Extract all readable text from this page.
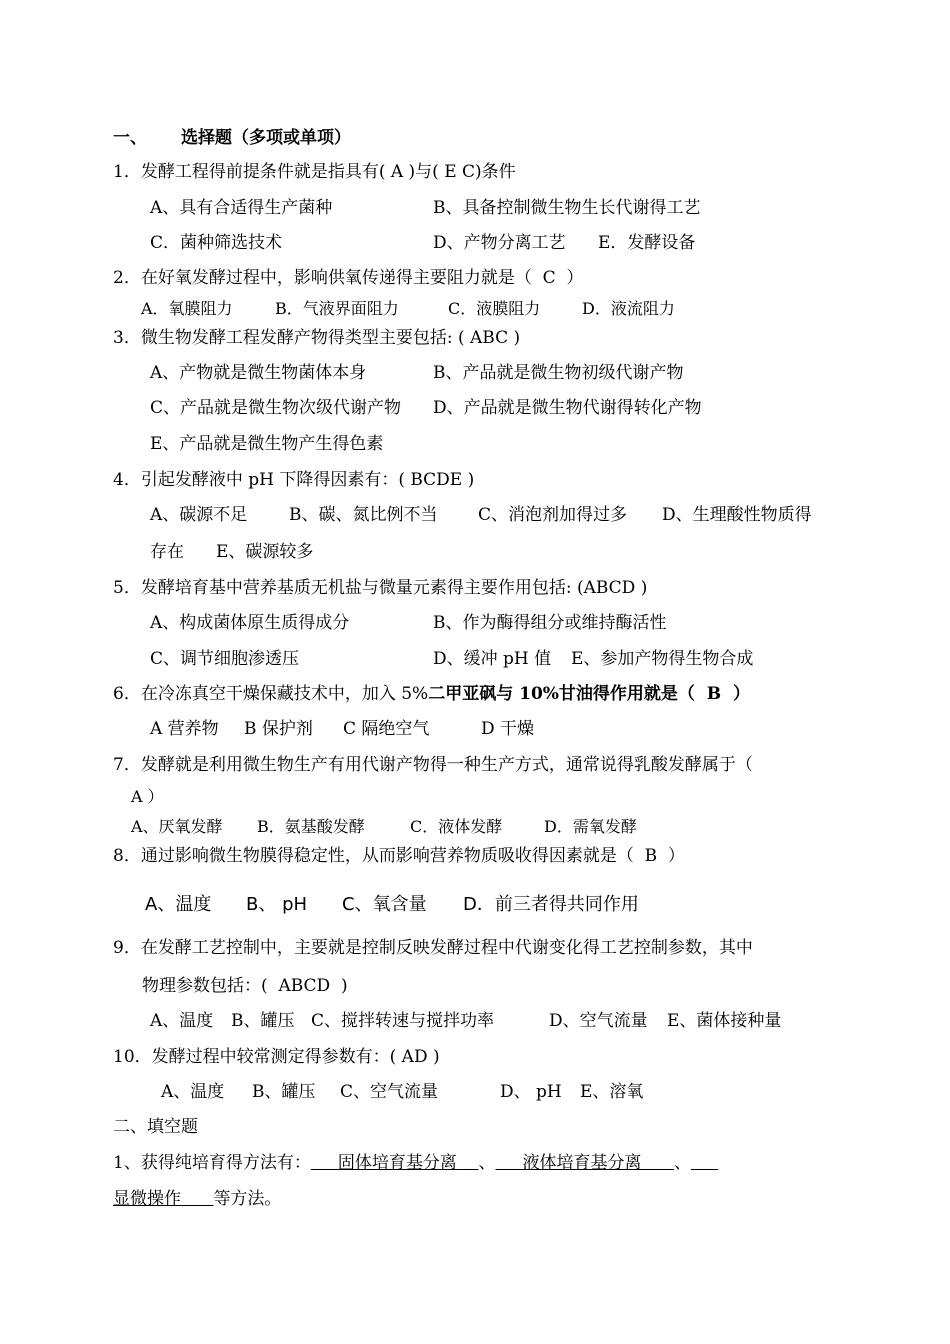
一、 选择题（多项或单项）
1．发酵工程得前提条件就是指具有( A )与( E C)条件
A、具有合适得生产菌种	B、具备控制微生物生长代谢得工艺
C．菌种筛选技术	D、产物分离工艺 E．发酵设备
2．在好氧发酵过程中，影响供氧传递得主要阻力就是（  C  ）
A．氧膜阻力	B．气液界面阻力	C．液膜阻力	D．液流阻力
3．微生物发酵工程发酵产物得类型主要包括: ( ABC )
A、产物就是微生物菌体本身	B、产品就是微生物初级代谢产物
C、产品就是微生物次级代谢产物 D、产品就是微生物代谢得转化产物
E、产品就是微生物产生得色素
4．引起发酵液中 pH 下降得因素有：( BCDE )
A、碳源不足 B、碳、氮比例不当 C、消泡剂加得过多 D、生理酸性物质得
存在 E、碳源较多
5．发酵培育基中营养基质无机盐与微量元素得主要作用包括: (ABCD )
A、构成菌体原生质得成分	B、作为酶得组分或维持酶活性
C、调节细胞渗透压	D、缓冲 pH 值 E、参加产物得生物合成
6．在冷冻真空干燥保藏技术中，加入 5%二甲亚砜与 10%甘油得作用就是（  B  ）
A 营养物 B 保护剂 C 隔绝空气	D 干燥
7．发酵就是利用微生物生产有用代谢产物得一种生产方式，通常说得乳酸发酵属于（
A ）
A、厌氧发酵 B．氨基酸发酵	C．液体发酵	D．需氧发酵
8．通过影响微生物膜得稳定性，从而影响营养物质吸收得因素就是（  B  ）
A、温度 B、 pH C、氧含量 D．前三者得共同作用
9．在发酵工艺控制中，主要就是控制反映发酵过程中代谢变化得工艺控制参数，其中
物理参数包括：(  ABCD  )
A、温度 B、罐压 C、搅拌转速与搅拌功率	D、空气流量 E、菌体接种量
10．发酵过程中较常测定得参数有：( AD )
A、温度 B、罐压 C、空气流量	D、 pH E、溶氧
二、填空题
1、获得纯培育得方法有： 固体培育基分离 、 液体培育基分离 、
显微操作 等方法。
